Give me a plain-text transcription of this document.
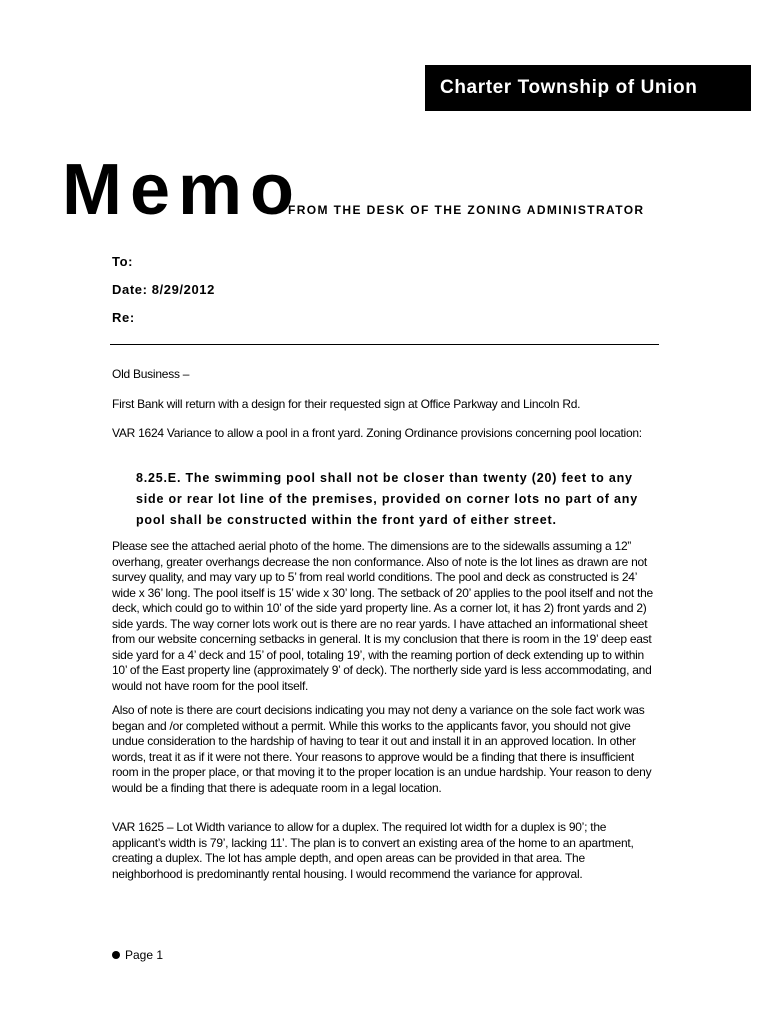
Charter Township of Union
Memo
FROM THE DESK OF THE ZONING ADMINISTRATOR
To:
Date: 8/29/2012
Re:
Old Business –
First Bank will return with a design for their requested sign at Office Parkway and Lincoln Rd.
VAR 1624 Variance to allow a pool in a front yard. Zoning Ordinance provisions concerning pool location:
8.25.E. The swimming pool shall not be closer than twenty (20) feet to any side or rear lot line of the premises, provided on corner lots no part of any pool shall be constructed within the front yard of either street.
Please see the attached aerial photo of the home. The dimensions are to the sidewalls assuming a 12” overhang, greater overhangs decrease the non conformance. Also of note is the lot lines as drawn are not survey quality, and may vary up to 5’ from real world conditions. The pool and deck as constructed is 24’ wide x 36’ long. The pool itself is 15’ wide x 30’ long. The setback of 20’ applies to the pool itself and not the deck, which could go to within 10’ of the side yard property line. As a corner lot, it has 2) front yards and 2) side yards. The way corner lots work out is there are no rear yards. I have attached an informational sheet from our website concerning setbacks in general. It is my conclusion that there is room in the 19’ deep east side yard for a 4’ deck and 15’ of pool, totaling 19’, with the reaming portion of deck extending up to within 10’ of the East property line (approximately 9’ of deck). The northerly side yard is less accommodating, and would not have room for the pool itself.
Also of note is there are court decisions indicating you may not deny a variance on the sole fact work was began and /or completed without a permit. While this works to the applicants favor, you should not give undue consideration to the hardship of having to tear it out and install it in an approved location. In other words, treat it as if it were not there. Your reasons to approve would be a finding that there is insufficient room in the proper place, or that moving it to the proper location is an undue hardship. Your reason to deny would be a finding that there is adequate room in a legal location.
VAR 1625 – Lot Width variance to allow for a duplex. The required lot width for a duplex is 90’; the applicant’s width is 79’, lacking 11’. The plan is to convert an existing area of the home to an apartment, creating a duplex. The lot has ample depth, and open areas can be provided in that area. The neighborhood is predominantly rental housing. I would recommend the variance for approval.
Page 1
